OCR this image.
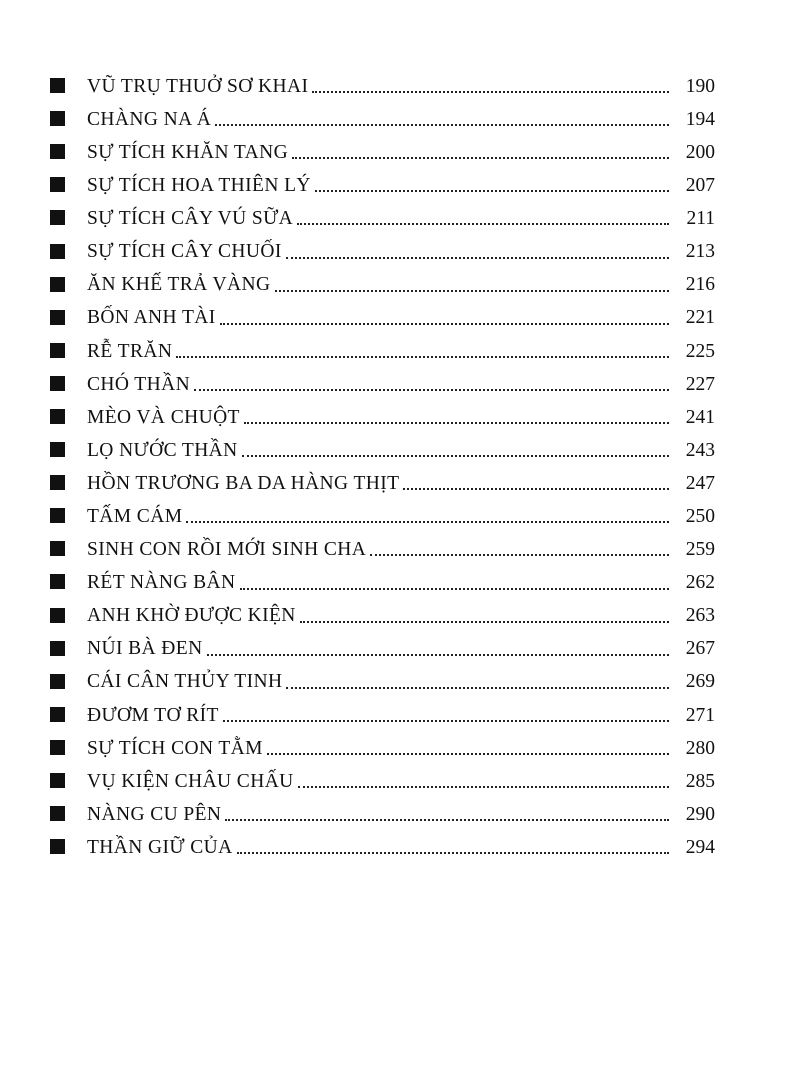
VŨ TRỤ THUỞ SƠ KHAI	190
CHÀNG NA Á	194
SỰ TÍCH KHĂN TANG	200
SỰ TÍCH HOA THIÊN LÝ	207
SỰ TÍCH CÂY VÚ SỮA	211
SỰ TÍCH CÂY CHUỐI	213
ĂN KHẾ TRẢ VÀNG	216
BỐN ANH TÀI	221
RỄ TRĂN	225
CHÓ THẦN	227
MÈO VÀ CHUỘT	241
LỌ NƯỚC THẦN	243
HỒN TRƯƠNG BA DA HÀNG THỊT	247
TẤM CÁM	250
SINH CON RỒI MỚI SINH CHA	259
RÉT NÀNG BÂN	262
ANH KHỜ ĐƯỢC KIỆN	263
NÚI BÀ ĐEN	267
CÁI CÂN THỦY TINH	269
ĐƯƠM TƠ RÍT	271
SỰ TÍCH CON TẰM	280
VỤ KIỆN CHÂU CHẤU	285
NÀNG CU PÊN	290
THẦN GIỮ CỦA	294
